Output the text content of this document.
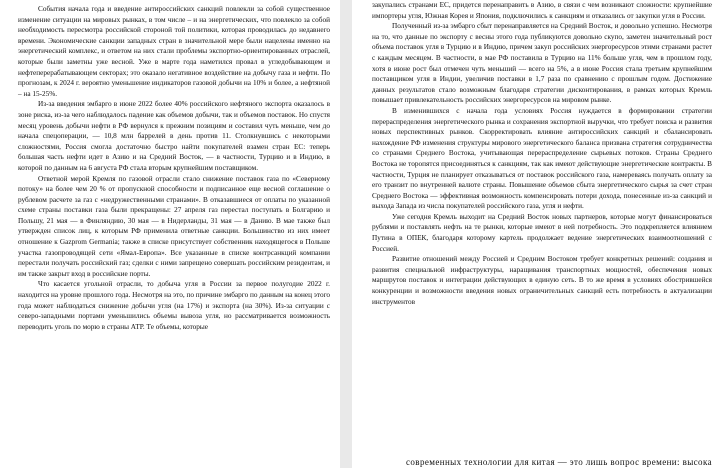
События начала года и введение антироссийских санкций повлекли за собой существенное изменение ситуации на мировых рынках, в том числе – и на энергетических, что повлекло за собой необходимость пересмотра российской стороной той политики, которая проводилась до недавнего времени. Экономические санкции западных стран в значительной мере были нацелены именно на энергетический комплекс, и ответом на них стали проблемы экспортно-ориентированных отраслей, которые были заметны уже весной. Уже в марте года наметился провал в угледобывающем и нефтеперерабатывающем секторах; это оказало негативное воздействие на добычу газа и нефти. По прогнозам, к 2024 г. вероятно уменьшение индикаторов газовой добычи на 10% и более, а нефтяной – на 15-25%.

Из-за введения эмбарго в июне 2022 более 40% российского нефтяного экспорта оказалось в зоне риска, из-за чего наблюдалось падение как объемов добычи, так и объемов поставок. Но спустя месяц уровень добычи нефти в РФ вернулся к прежним позициям и составил чуть меньше, чем до начала спецоперации, — 10,8 млн баррелей в день против 11. Столкнувшись с некоторыми сложностями, Россия смогла достаточно быстро найти покупателей взамен стран ЕС: теперь большая часть нефти идет в Азию и на Средний Восток, — в частности, Турцию и в Индию, в которой по данным на 6 августа РФ стала вторым крупнейшим поставщиком.

Ответной мерой Кремля по газовой отрасли стало снижение поставок газа по «Северному потоку» на более чем 20 % от пропускной способности и подписанное еще весной соглашение о рублевом расчете за газ с «недружественными странами». В отказавшиеся от оплаты по указанной схеме страны поставки газа были прекращены: 27 апреля газ перестал поступать в Болгарию и Польшу, 21 мая — в Финляндию, 30 мая — в Нидерланды, 31 мая — в Данию. В мае также был утвержден список лиц, к которым РФ применила ответные санкции. Большинство из них имеет отношение к Gazprom Germania; также в списке присутствует собственник находящегося в Польше участка газопроводящей сети «Ямал-Европа». Все указанные в списке контрсанкций компании перестали получать российский газ; сделки с ними запрещено совершать российским резидентам, и им также закрыт вход в российские порты.

Что касается угольной отрасли, то добыча угля в России за первое полугодие 2022 г. находится на уровне прошлого года. Несмотря на это, по причине эмбарго по данным на конец этого года может наблюдаться снижение добычи угля (на 17%) и экспорта (на 30%). Из-за ситуации с северо-западными портами уменьшились объемы вывоза угля, но рассматривается возможность переводить уголь по морю в страны АТР. Те объемы, которые

закупались странами ЕС, придется перенаправить в Азию, в связи с чем возникают сложности: крупнейшие импортеры угля, Южная Корея и Япония, подключились к санкциям и отказались от закупки угля в России.

Полученный из-за эмбарго сбыт перенаправляется на Средний Восток, и довольно успешно. Несмотря на то, что данные по экспорту с весны этого года публикуются довольно скупо, заметен значительный рост объема поставок угля в Турцию и в Индию, причем закуп российских энергоресурсов этими странами растет с каждым месяцем. В частности, в мае РФ поставила в Турцию на 11% больше угля, чем в прошлом году, хотя в июне рост был отмечен чуть меньший — всего на 5%, а в июне Россия стала третьим крупнейшим поставщиком угля в Индии, увеличив поставки в 1,7 раза по сравнению с прошлым годом. Достижение данных результатов стало возможным благодаря стратегии дисконтирования, в рамках которых Кремль повышает привлекательность российских энергоресурсов на мировом рынке.

В изменившихся с начала года условиях Россия нуждается в формировании стратегии перераспределения энергетического рынка и сохранения экспортной выручки, что требует поиска и развития новых перспективных рынков. Скорректировать влияние антироссийских санкций и сбалансировать нахождение РФ изменения структуры мирового энергетического баланса призвана стратегия сотрудничества со странами Среднего Востока, учитывающая перераспределение сырьевых потоков. Страны Среднего Востока не торопятся присоединяться к санкциям, так как имеют действующие энергетические контракты. В частности, Турция не планирует отказываться от поставок российского газа, намереваясь получать оплату за его транзит по внутренней валюте страны. Повышение объемов сбыта энергетического сырья за счет стран Среднего Востока — эффективная возможность компенсировать потери дохода, понесенные из-за санкций и выхода Запада из числа покупателей российского газа, угля и нефти.

Уже сегодня Кремль выходит на Средний Восток новых партнеров, которые могут финансироваться рублями и поставлять нефть на те рынки, которые имеют в ней потребность. Это подкрепляется влиянием Путина в ОПЕК, благодаря которому картель продолжает ведение энергетических взаимоотношений с Россией.

Развитие отношений между Россией и Средним Востоком требует конкретных решений: создания и развития специальной инфраструктуры, наращивания транспортных мощностей, обеспечения новых маршрутов поставок и интеграции действующих в единую сеть. В то же время в условиях обострившейся конкуренции и возможности введения новых ограничительных санкций есть потребность в актуализации инструментов

современных технологии для китая — это лишь вопрос времени: высока
